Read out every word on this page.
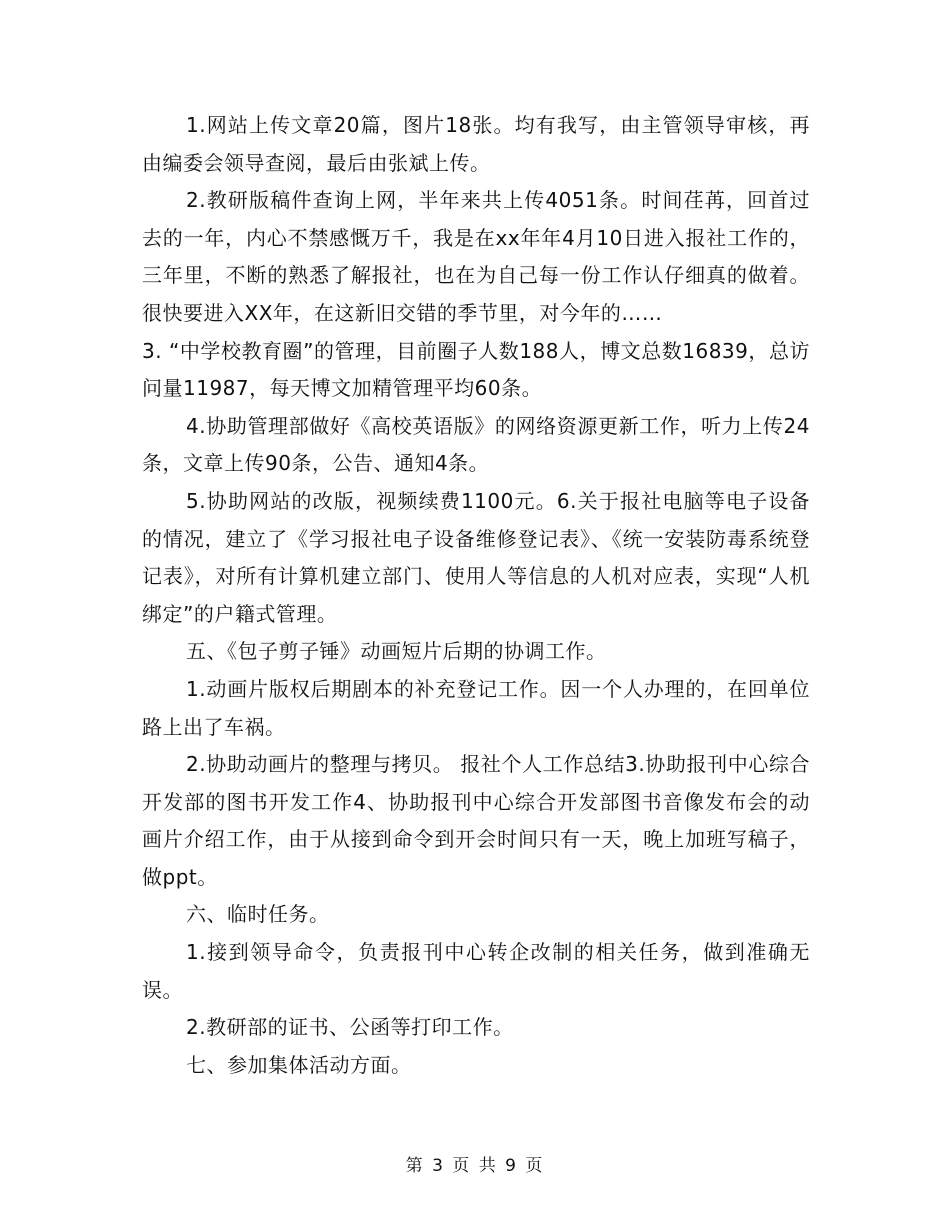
1.网站上传文章20篇，图片18张。均有我写，由主管领导审核，再由编委会领导查阅，最后由张斌上传。

2.教研版稿件查询上网，半年来共上传4051条。时间荏苒，回首过去的一年，内心不禁感慨万千，我是在xx年年4月10日进入报社工作的，三年里，不断的熟悉了解报社，也在为自己每一份工作认仔细真的做着。很快要进入XX年，在这新旧交错的季节里，对今年的……

3. “中学校教育圈”的管理，目前圈子人数188人，博文总数16839，总访问量11987，每天博文加精管理平均60条。

4.协助管理部做好《高校英语版》的网络资源更新工作，听力上传24条，文章上传90条，公告、通知4条。

5.协助网站的改版，视频续费1100元。6.关于报社电脑等电子设备的情况，建立了《学习报社电子设备维修登记表》、《统一安装防毒系统登记表》，对所有计算机建立部门、使用人等信息的人机对应表，实现“人机绑定”的户籍式管理。

五、《包子剪子锤》动画短片后期的协调工作。

1.动画片版权后期剧本的补充登记工作。因一个人办理的，在回单位路上出了车祸。

2.协助动画片的整理与拷贝。 报社个人工作总结3.协助报刊中心综合开发部的图书开发工作4、协助报刊中心综合开发部图书音像发布会的动画片介绍工作，由于从接到命令到开会时间只有一天，晚上加班写稿子，做ppt。

六、临时任务。

1.接到领导命令，负责报刊中心转企改制的相关任务，做到准确无误。

2.教研部的证书、公函等打印工作。

七、参加集体活动方面。

第 3 页 共 9 页
